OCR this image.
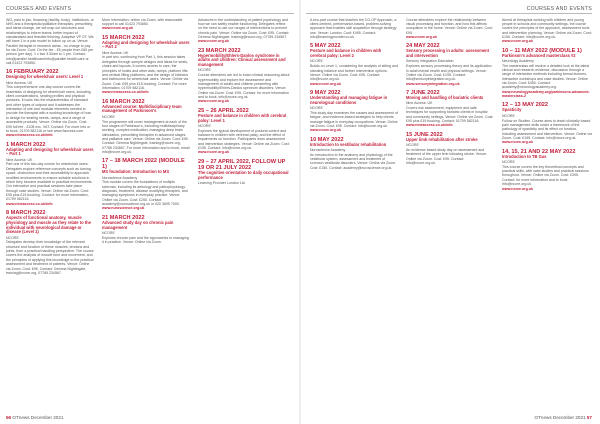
COURSES AND EVENTS
WG, paid to join, financing (facility, body), institutions, or NHS and a therapeutic/palliative therapists, prescribing and ideas change, we will map out structures and relationships to inform teams, better impact of standardised and feasible thinking. Adaptive VP OT. We will have 1 in a pair model to follow up on us. Venue: Parallel therapist in research areas - no charge to pay for via Zoom. Cost: On the fee - £5 people from £60 per person (per day). 1 x two 3.30am to 1 pm. Contact: info@parallel.healthcare/info@parallel.health.care or call 01423 793650.
16 FEBRUARY 2022
Designing for wheelchair users: Level 1
Nine Access: UK
This comprehensive one-day course covers the essentials of designing for wheelchair users, including client considerations, seating profiles and physical postures. It looks into the characteristics of standard and other types of outpost and it addresses the interaction of site and modular elements needed to provide the therapist with a working knowledge of how to design for seating needs, ramps, and a range of accessible products. Venue: Online via Zoom. Cost: £95 full fee - £105 exc. VAT. Contact: For more info or to book, 01709 582116 or see www.9access.com
www.nineaccess.co.uk/info
1 MARCH 2022
Adapting and designing for wheelchair users – Part 1
Nine Access: UK
Part one of this two-day course for wheelchair users. Delegates explore reference concepts such as turning space, obstruction and their accessibility to approach modified environments to ensure suitable solutions in which they become available in practical environments. Our interactive and practical sessions take place through case studies. Venue: Online via Zoom. Cost: £95 plus £15 booking. Contact: for more information, 01709 582116.
www.nineaccess.co.uk/info
8 MARCH 2022
Aspects of functional anatomy, muscle physiology and muscle as they relate to the individual with neurological damage or disease (Level 1)
NCORE
Delegates develop their knowledge of the relevant structure and function of these muscles, tendons and joints, from a practical handling perspective. The course covers the analysis of muscle tone and movement, and the principles of applying this knowledge to the practical assessment and treatment of patients. Venue: Online via Zoom. Cost: £95. Contact: Gemma Nightingale, training@ncore.org, 07785 234567.
More information: online via Zoom, with reasonable support to call 01423 793650.
www.ncore.org.uk
15 MARCH 2022
Adapting and designing for wheelchair users – Part 2
Nine Access: UK
In part two, continuing from Part 1, this session takes delegates through sample designs and ideas for seats, chairs and layouts. It covers access to cars, the principles of hoists and other aids, ramps, platform lifts and vertical lifting platforms, and the design of kitchens and bathrooms for wheelchair users. Venue: Online via Zoom. Cost: £95 plus £15 booking. Contact: For more information, 01709 582116.
www.nineaccess.co.uk/info
16 MARCH 2022
Advanced course: Multidisciplinary team management of Parkinson's
NCORE
The programme will cover management at each of the four stages of Parkinson's, including multidisciplinary working, complex medication, managing deep brain stimulation, prescribing therapies in advanced stages and palliative care. Venue: Online via Zoom. Cost: £95. Contact: Gemma Nightingale, training@ncore.org, 07785 234567. For more information and to book, email info@ncore.org.uk.
17 – 18 MARCH 2022 (MODULE 1)
MS foundation: Introduction to MS
Nuroscience Academy
This module covers the foundations of multiple sclerosis, including its aetiology and pathophysiology, diagnosis, treatment, disease modifying therapies, and managing symptoms in everyday practice. Venue: Online via Zoom. Cost: £250. Contact: academy@nuroscience.org.uk or 020 3695 7000.
www.nuroscience.org.uk
21 MARCH 2022
Advanced study day on chronic pain management
NCORE
Explores chronic pain and the approaches to managing it in practice. Venue: Online via Zoom.
Advances in the understanding of patient psychology and how we can safely enable functioning. Delegates reflect on the need to use our ranges of interventions to prevent chronic pain. Venue: Online via Zoom. Cost: £95. Contact: Gemma Nightingale, training@ncore.org, 07785 234567.
www.ncore.org.uk
23 MARCH 2022
Hypermobility/Ehlers-Danlos syndrome in adults and children: Clinical assessment and management
NCORE
Course attendees are led to exam clinical reasoning about hypermobility and explore the assessment and management of adults and children presenting with hypermobility/Ehlers-Danlos spectrum disorders. Venue: Online via Zoom. Cost: £95. Contact: for more information and to book, info@ncore.org.uk.
www.ncore.org.uk
25 – 26 APRIL 2022
Posture and balance in children with cerebral palsy: Level 1
NCORE
Explores the typical development of postural control and balance in children with cerebral palsy, and the effect of impairments on function. Participants learn assessment and intervention strategies. Venue: Online via Zoom. Cost: £195. Contact: info@ncore.org.uk.
www.ncore.org.uk
29 – 27 APRIL 2022, FOLLOW UP 19 OR 21 JULY 2022
The cognitive orientation to daily occupational performance
Learning Provider London Ltd
56 OTnews December 2021
COURSES AND EVENTS
A two-part course that teaches the CO-OP Approach, a client-centred, performance-based, problem-solving approach that enables skill acquisition through strategy use. Venue: London. Cost: £495. Contact: info@learningprovider.co.uk.
5 MAY 2022
Posture and balance in children with cerebral palsy: Level 2
NCORE
Builds on Level 1, considering the analysis of sitting and standing balance and further intervention options. Venue: Online via Zoom. Cost: £95. Contact: info@ncore.org.uk.
www.ncore.org.uk
9 MAY 2022
Understanding and managing fatigue in neurological conditions
NCORE
This study day examines the causes and assessment of fatigue, and evidence-based strategies to help clients manage fatigue in everyday occupations. Venue: Online via Zoom. Cost: £95. Contact: info@ncore.org.uk.
www.ncore.org.uk
10 MAY 2022
Introduction to vestibular rehabilitation
Nuroscience Academy
An introduction to the anatomy and physiology of the vestibular system, assessment and treatment of common vestibular disorders. Venue: Online via Zoom. Cost: £150. Contact: academy@nuroscience.org.uk.
Course attendees explore the relationship between visual processing and function, and how this affects occupation in the home. Venue: Online via Zoom. Cost: £95.
www.ncore.org.uk
24 MAY 2022
Sensory processing in adults: assessment and intervention
Sensory Integration Education
Explores sensory processing theory and its application in adult mental health and physical settings. Venue: Online via Zoom. Cost: £195. Contact: info@sensoryintegration.org.uk.
www.sensoryintegration.org.uk
7 JUNE 2022
Moving and handling of bariatric clients
Nine Access: UK
Covers risk assessment, equipment and safe techniques for supporting bariatric clients in hospital and community settings. Venue: Online via Zoom. Cost: £95 plus £15 booking. Contact: 01709 582116.
www.nineaccess.co.uk/info
15 JUNE 2022
Upper limb rehabilitation after stroke
NCORE
An evidence-based study day on assessment and treatment of the upper limb following stroke. Venue: Online via Zoom. Cost: £95. Contact: info@ncore.org.uk.
Aimed at therapists working with children and young people in schools and community settings, the course covers the principles of the approach, assessment tools and intervention planning. Venue: Online via Zoom. Cost: £150. Contact: info@ncore.org.uk.
www.ncore.org.uk
10 – 11 MAY 2022 (MODULE 1)
Parkinson's advanced masterclass #2
Neurology Academy
The masterclass will involve a detailed look at the latest clinical and research evidence, discussion through a range of interactive methods including formal lectures, interactive workshops and case studies. Venue: Online via Zoom. Cost: £450. Contact: academy@neurologyacademy.org.
www.neurologyacademy.org/parkinsons-advanced-masterclass-2
12 – 13 MAY 2022
Spasticity
NCORE
Follow on Studies. Course aims to teach clinically based pain management skills under a framework of the pathology of spasticity and its effect on function, including assessment and intervention. Venue: Online via Zoom. Cost: £195. Contact: info@ncore.org.uk.
www.ncore.org.uk
14, 15, 21 AND 22 MAY 2022
Introduction to TB Gas
NCORE
This course covers the key theoretical concepts and practical skills, with case studies and practical sessions throughout. Venue: Online via Zoom. Cost: £395. Contact: for more information and to book, info@ncore.org.uk.
www.ncore.org.uk
OTnews December 2021 57
